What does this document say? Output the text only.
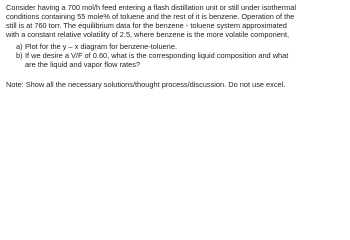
Consider having a 700 mol/h feed entering a flash distillation unit or still under isothermal
conditions containing 55 mole% of toluene and the rest of it is benzene. Operation of the
still is at 760 torr. The equilibrium data for the benzene - toluene system approximated
with a constant relative volatility of 2.5, where benzene is the more volatile component,

a) Plot for the y – x diagram for benzene-toluene.
b) If we desire a V/F of 0.60, what is the corresponding liquid composition and what
are the liquid and vapor flow rates?

Note: Show all the necessary solutions/thought process/discussion. Do not use excel.
